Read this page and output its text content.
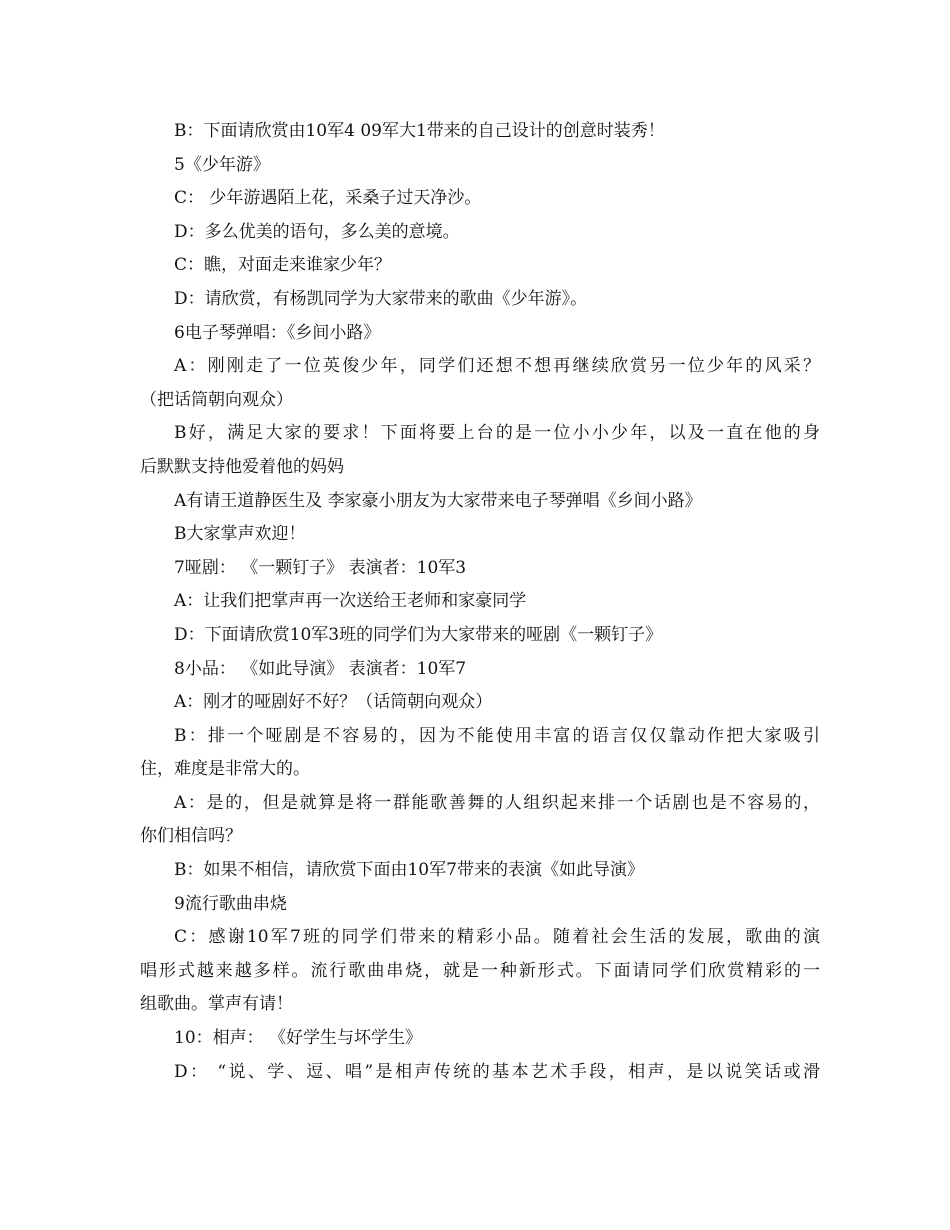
B：下面请欣赏由10军4 09军大1带来的自己设计的创意时装秀！
5《少年游》
C： 少年游遇陌上花，采桑子过天净沙。
D：多么优美的语句，多么美的意境。
C：瞧，对面走来谁家少年？
D：请欣赏，有杨凯同学为大家带来的歌曲《少年游》。
6电子琴弹唱：《乡间小路》
A：刚刚走了一位英俊少年，同学们还想不想再继续欣赏另一位少年的风采？
（把话筒朝向观众）
B好，满足大家的要求！下面将要上台的是一位小小少年，以及一直在他的身
后默默支持他爱着他的妈妈
A有请王道静医生及 李家豪小朋友为大家带来电子琴弹唱《乡间小路》
B大家掌声欢迎！
7哑剧： 《一颗钉子》 表演者：10军3
A：让我们把掌声再一次送给王老师和家豪同学
D：下面请欣赏10军3班的同学们为大家带来的哑剧《一颗钉子》
8小品： 《如此导演》 表演者：10军7
A：刚才的哑剧好不好？（话筒朝向观众）
B：排一个哑剧是不容易的，因为不能使用丰富的语言仅仅靠动作把大家吸引
住，难度是非常大的。
A：是的，但是就算是将一群能歌善舞的人组织起来排一个话剧也是不容易的，
你们相信吗？
B：如果不相信，请欣赏下面由10军7带来的表演《如此导演》
9流行歌曲串烧
C：感谢10军7班的同学们带来的精彩小品。随着社会生活的发展，歌曲的演
唱形式越来越多样。流行歌曲串烧，就是一种新形式。下面请同学们欣赏精彩的一
组歌曲。掌声有请！
10：相声： 《好学生与坏学生》
D： “说、学、逗、唱”是相声传统的基本艺术手段，相声，是以说笑话或滑
